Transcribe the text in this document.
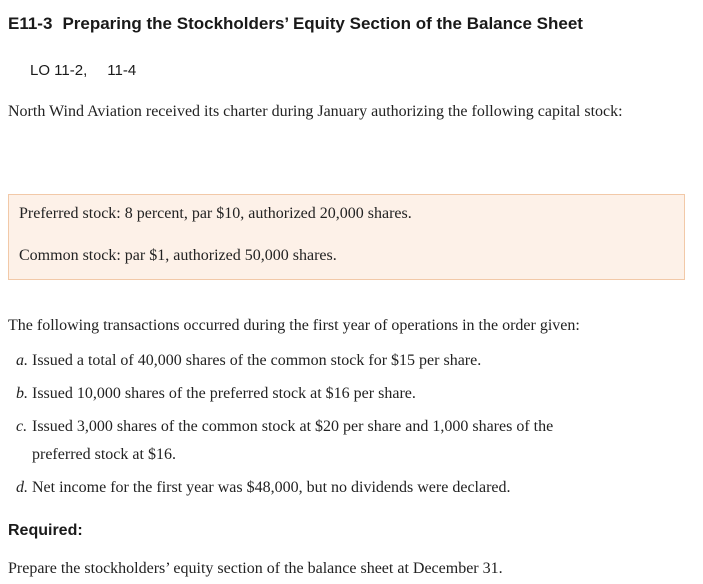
E11-3 Preparing the Stockholders’ Equity Section of the Balance Sheet
LO 11-2, 11-4
North Wind Aviation received its charter during January authorizing the following capital stock:

Preferred stock: 8 percent, par $10, authorized 20,000 shares.

Common stock: par $1, authorized 50,000 shares.

The following transactions occurred during the first year of operations in the order given:
a. Issued a total of 40,000 shares of the common stock for $15 per share.
b. Issued 10,000 shares of the preferred stock at $16 per share.
c. Issued 3,000 shares of the common stock at $20 per share and 1,000 shares of the
preferred stock at $16.
d. Net income for the first year was $48,000, but no dividends were declared.
Required:
Prepare the stockholders’ equity section of the balance sheet at December 31.
